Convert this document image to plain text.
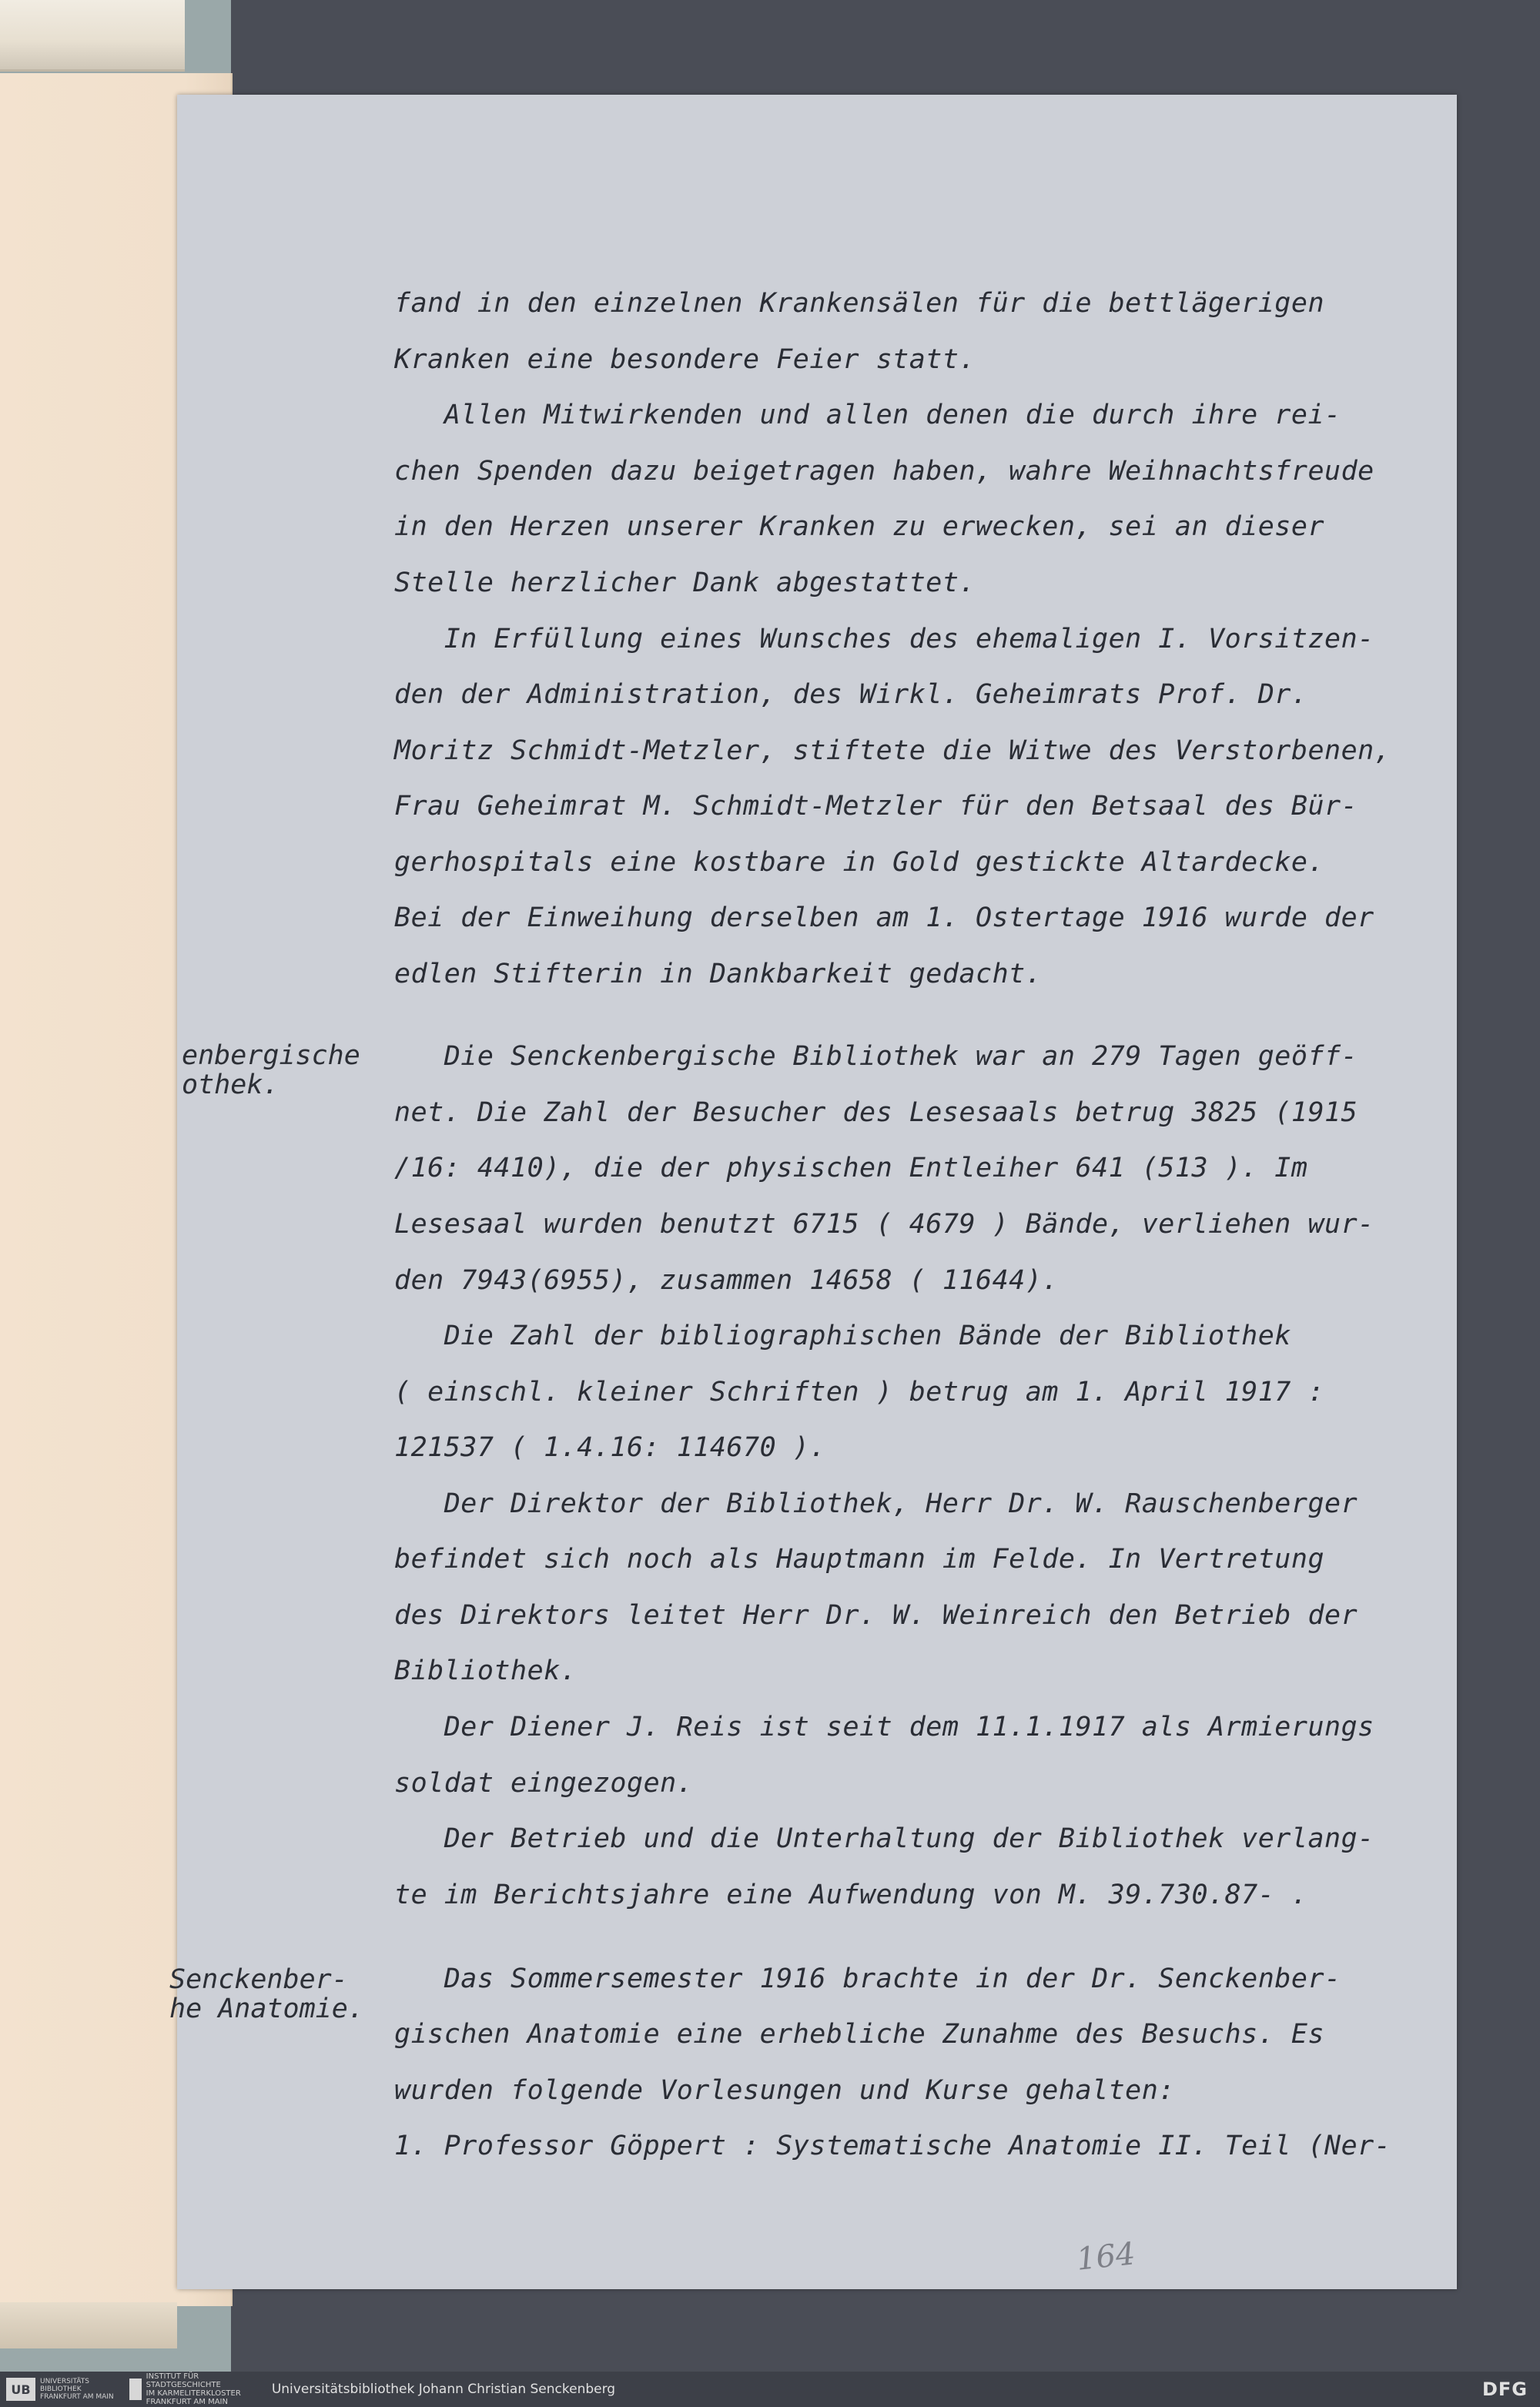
enbergische
othek.
Senckenber-
he Anatomie.
fand in den einzelnen Krankensälen für die bettlägerigen
Kranken eine besondere Feier statt.
Allen Mitwirkenden und allen denen die durch ihre rei-
chen Spenden dazu beigetragen haben, wahre Weihnachtsfreude
in den Herzen unserer Kranken zu erwecken, sei an dieser
Stelle herzlicher Dank abgestattet.
In Erfüllung eines Wunsches des ehemaligen I. Vorsitzen-
den der Administration, des Wirkl. Geheimrats Prof. Dr.
Moritz Schmidt-Metzler, stiftete die Witwe des Verstorbenen,
Frau Geheimrat M. Schmidt-Metzler für den Betsaal des Bür-
gerhospitals eine kostbare in Gold gestickte Altardecke.
Bei der Einweihung derselben am 1. Ostertage 1916 wurde der
edlen Stifterin in Dankbarkeit gedacht.
Die Senckenbergische Bibliothek war an 279 Tagen geöff-
net. Die Zahl der Besucher des Lesesaals betrug 3825 (1915
/16: 4410), die der physischen Entleiher 641 (513 ). Im
Lesesaal wurden benutzt 6715 ( 4679 ) Bände, verliehen wur-
den 7943(6955), zusammen 14658 ( 11644).
Die Zahl der bibliographischen Bände der Bibliothek
( einschl. kleiner Schriften ) betrug am 1. April 1917 :
121537 ( 1.4.16: 114670 ).
Der Direktor der Bibliothek, Herr Dr. W. Rauschenberger
befindet sich noch als Hauptmann im Felde. In Vertretung
des Direktors leitet Herr Dr. W. Weinreich den Betrieb der
Bibliothek.
Der Diener J. Reis ist seit dem 11.1.1917 als Armierungs
soldat eingezogen.
Der Betrieb und die Unterhaltung der Bibliothek verlang-
te im Berichtsjahre eine Aufwendung von M. 39.730.87- .
Das Sommersemester 1916 brachte in der Dr. Senckenber-
gischen Anatomie eine erhebliche Zunahme des Besuchs. Es
wurden folgende Vorlesungen und Kurse gehalten:
1. Professor Göppert : Systematische Anatomie II. Teil (Ner-
164
UB
UNIVERSITÄTS
BIBLIOTHEK
FRANKFURT AM MAIN
INSTITUT FÜR
STADTGESCHICHTE
IM KARMELITERKLOSTER
FRANKFURT AM MAIN
Universitätsbibliothek Johann Christian Senckenberg	DFG
